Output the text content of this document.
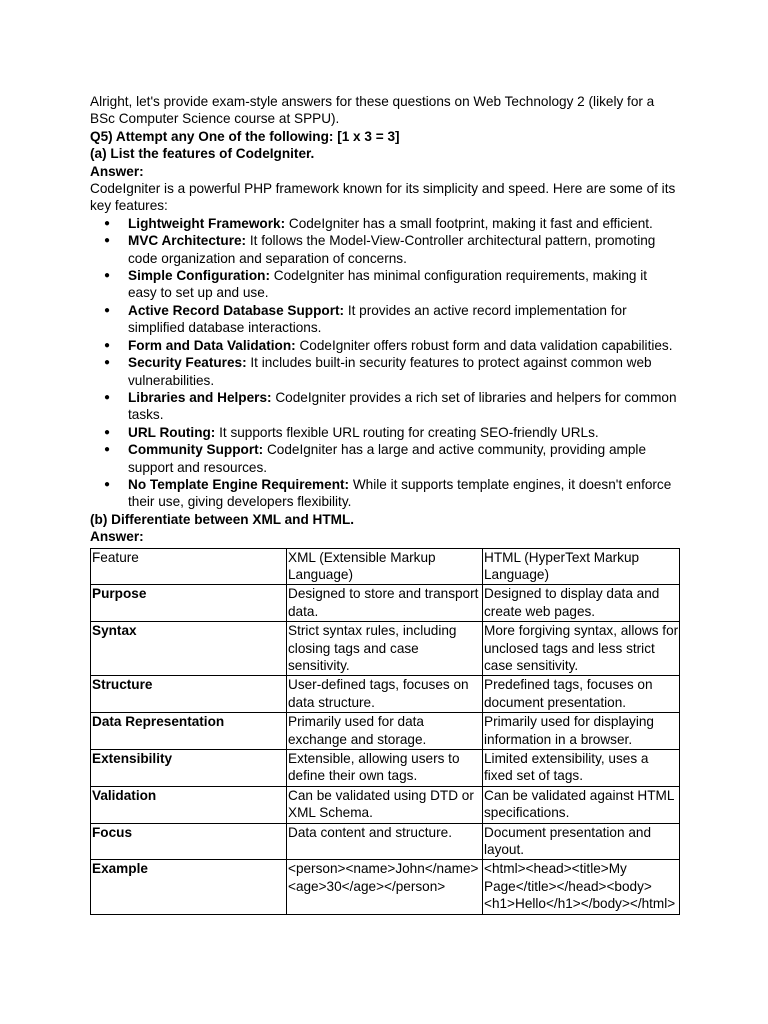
Alright, let's provide exam-style answers for these questions on Web Technology 2 (likely for a BSc Computer Science course at SPPU).

Q5) Attempt any One of the following: [1 x 3 = 3]

(a) List the features of CodeIgniter.

Answer:

CodeIgniter is a powerful PHP framework known for its simplicity and speed. Here are some of its key features:

● Lightweight Framework: CodeIgniter has a small footprint, making it fast and efficient.
● MVC Architecture: It follows the Model-View-Controller architectural pattern, promoting code organization and separation of concerns.
● Simple Configuration: CodeIgniter has minimal configuration requirements, making it easy to set up and use.
● Active Record Database Support: It provides an active record implementation for simplified database interactions.
● Form and Data Validation: CodeIgniter offers robust form and data validation capabilities.
● Security Features: It includes built-in security features to protect against common web vulnerabilities.
● Libraries and Helpers: CodeIgniter provides a rich set of libraries and helpers for common tasks.
● URL Routing: It supports flexible URL routing for creating SEO-friendly URLs.
● Community Support: CodeIgniter has a large and active community, providing ample support and resources.
● No Template Engine Requirement: While it supports template engines, it doesn't enforce their use, giving developers flexibility.

(b) Differentiate between XML and HTML.

Answer:

Feature	XML (Extensible Markup Language)	HTML (HyperText Markup Language)
Purpose	Designed to store and transport data.	Designed to display data and create web pages.
Syntax	Strict syntax rules, including closing tags and case sensitivity.	More forgiving syntax, allows for unclosed tags and less strict case sensitivity.
Structure	User-defined tags, focuses on data structure.	Predefined tags, focuses on document presentation.
Data Representation	Primarily used for data exchange and storage.	Primarily used for displaying information in a browser.
Extensibility	Extensible, allowing users to define their own tags.	Limited extensibility, uses a fixed set of tags.
Validation	Can be validated using DTD or XML Schema.	Can be validated against HTML specifications.
Focus	Data content and structure.	Document presentation and layout.
Example	<person><name>John</name><age>30</age></person>	<html><head><title>My Page</title></head><body><h1>Hello</h1></body></html>
